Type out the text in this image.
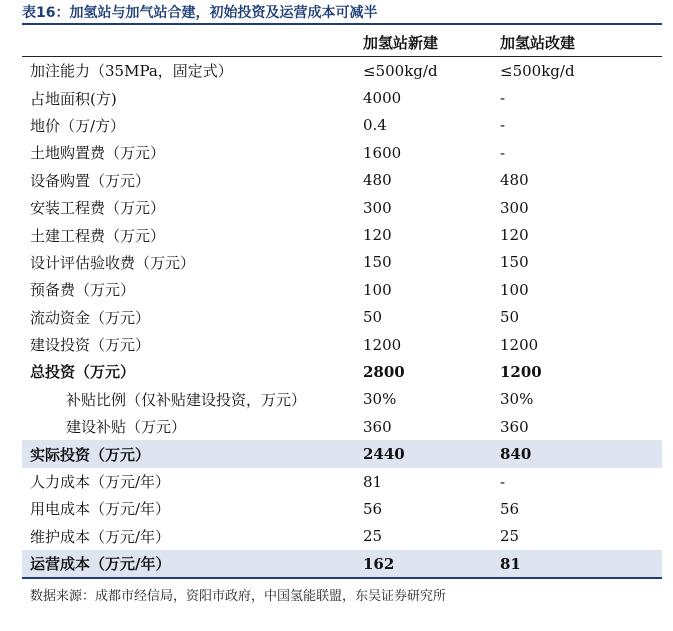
表16：加氢站与加气站合建，初始投资及运营成本可减半
	加氢站新建	加氢站改建
加注能力（35MPa，固定式）	≤500kg/d	≤500kg/d
占地面积(方)	4000	-
地价（万/方）	0.4	-
土地购置费（万元）	1600	-
设备购置（万元）	480	480
安装工程费（万元）	300	300
土建工程费（万元）	120	120
设计评估验收费（万元）	150	150
预备费（万元）	100	100
流动资金（万元）	50	50
建设投资（万元）	1200	1200
总投资（万元）	2800	1200
补贴比例（仅补贴建设投资，万元）	30%	30%
建设补贴（万元）	360	360
实际投资（万元）	2440	840
人力成本（万元/年）	81	-
用电成本（万元/年）	56	56
维护成本（万元/年）	25	25
运营成本（万元/年）	162	81
数据来源：成都市经信局，资阳市政府，中国氢能联盟，东吴证券研究所
